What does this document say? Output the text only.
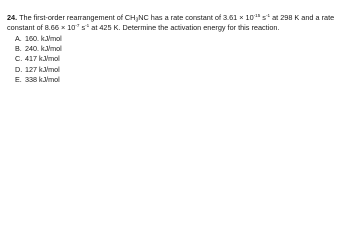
24. The first-order rearrangement of $CH_3NC$ has a rate constant of $3.61 \times 10^{-15}$ $s^{-1}$ at 298 K and a rate constant of $8.66 \times 10^{-7}$ $s^{-1}$ at 425 K. Determine the activation energy for this reaction.

A. 160. kJ/mol
B. 240. kJ/mol
C. 417 kJ/mol
D. 127 kJ/mol
E. 338 kJ/mol
